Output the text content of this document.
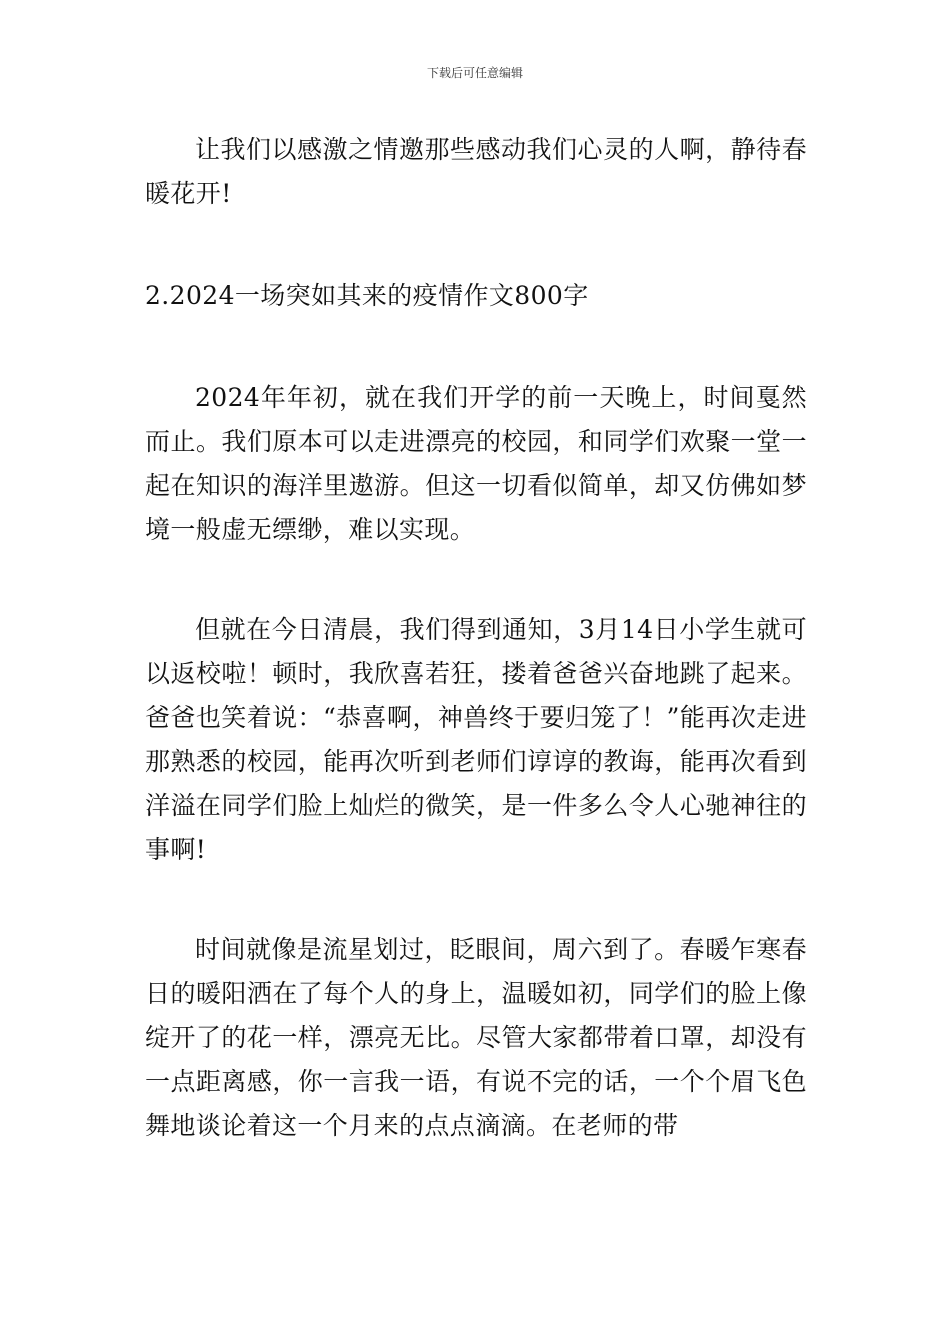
下载后可任意编辑

让我们以感激之情邀那些感动我们心灵的人啊，静待春暖花开!

2.2024一场突如其来的疫情作文800字

2024年年初，就在我们开学的前一天晚上，时间戛然而止。我们原本可以走进漂亮的校园，和同学们欢聚一堂一起在知识的海洋里遨游。但这一切看似简单，却又仿佛如梦境一般虚无缥缈，难以实现。

但就在今日清晨，我们得到通知，3月14日小学生就可以返校啦！顿时，我欣喜若狂，搂着爸爸兴奋地跳了起来。爸爸也笑着说：“恭喜啊，神兽终于要归笼了！”能再次走进那熟悉的校园，能再次听到老师们谆谆的教诲，能再次看到洋溢在同学们脸上灿烂的微笑，是一件多么令人心驰神往的事啊!

时间就像是流星划过，眨眼间，周六到了。春暖乍寒春日的暖阳洒在了每个人的身上，温暖如初，同学们的脸上像绽开了的花一样，漂亮无比。尽管大家都带着口罩，却没有一点距离感，你一言我一语，有说不完的话，一个个眉飞色舞地谈论着这一个月来的点点滴滴。在老师的带
